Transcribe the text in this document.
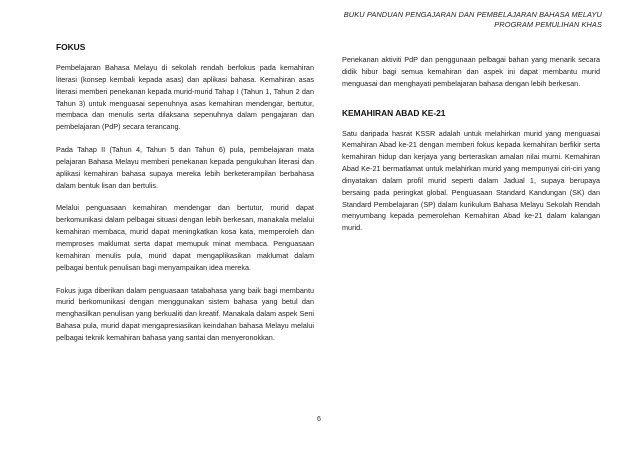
BUKU PANDUAN PENGAJARAN DAN PEMBELAJARAN BAHASA MELAYU
PROGRAM PEMULIHAN KHAS
FOKUS

Pembelajaran Bahasa Melayu di sekolah rendah berfokus pada kemahiran literasi (konsep kembali kepada asas) dan aplikasi bahasa. Kemahiran asas literasi memberi penekanan kepada murid-murid Tahap I (Tahun 1, Tahun 2 dan Tahun 3) untuk menguasai sepenuhnya asas kemahiran mendengar, bertutur, membaca dan menulis serta dilaksana sepenuhnya dalam pengajaran dan pembelajaran (PdP) secara terancang.

Pada Tahap II (Tahun 4, Tahun 5 dan Tahun 6) pula, pembelajaran mata pelajaran Bahasa Melayu memberi penekanan kepada pengukuhan literasi dan aplikasi kemahiran bahasa supaya mereka lebih berketerampilan berbahasa dalam bentuk lisan dan bertulis.

Melalui penguasaan kemahiran mendengar dan bertutur, murid dapat berkomunikasi dalam pelbagai situasi dengan lebih berkesan, manakala melalui kemahiran membaca, murid dapat meningkatkan kosa kata, memperoleh dan memproses maklumat serta dapat memupuk minat membaca. Penguasaan kemahiran menulis pula, murid dapat mengaplikasikan maklumat dalam pelbagai bentuk penulisan bagi menyampaikan idea mereka.

Fokus juga diberikan dalam penguasaan tatabahasa yang baik bagi membantu murid berkomunikasi dengan menggunakan sistem bahasa yang betul dan menghasilkan penulisan yang berkualiti dan kreatif. Manakala dalam aspek Seni Bahasa pula, murid dapat mengapresiasikan keindahan bahasa Melayu melalui pelbagai teknik kemahiran bahasa yang santai dan menyeronokkan.

Penekanan aktiviti PdP dan penggunaan pelbagai bahan yang menarik secara didik hibur bagi semua kemahiran dan aspek ini dapat membantu murid menguasai dan menghayati pembelajaran bahasa dengan lebih berkesan.

KEMAHIRAN ABAD KE-21

Satu daripada hasrat KSSR adalah untuk melahirkan murid yang menguasai Kemahiran Abad ke-21 dengan memberi fokus kepada kemahiran berfikir serta kemahiran hidup dan kerjaya yang berteraskan amalan nilai murni. Kemahiran Abad Ke-21 bermatlamat untuk melahirkan murid yang mempunyai ciri-ciri yang dinyatakan dalam profil murid seperti dalam Jadual 1, supaya berupaya bersaing pada peringkat global. Penguasaan Standard Kandungan (SK) dan Standard Pembelajaran (SP) dalam kurikulum Bahasa Melayu Sekolah Rendah menyumbang kepada pemerolehan Kemahiran Abad ke-21 dalam kalangan murid.

6
